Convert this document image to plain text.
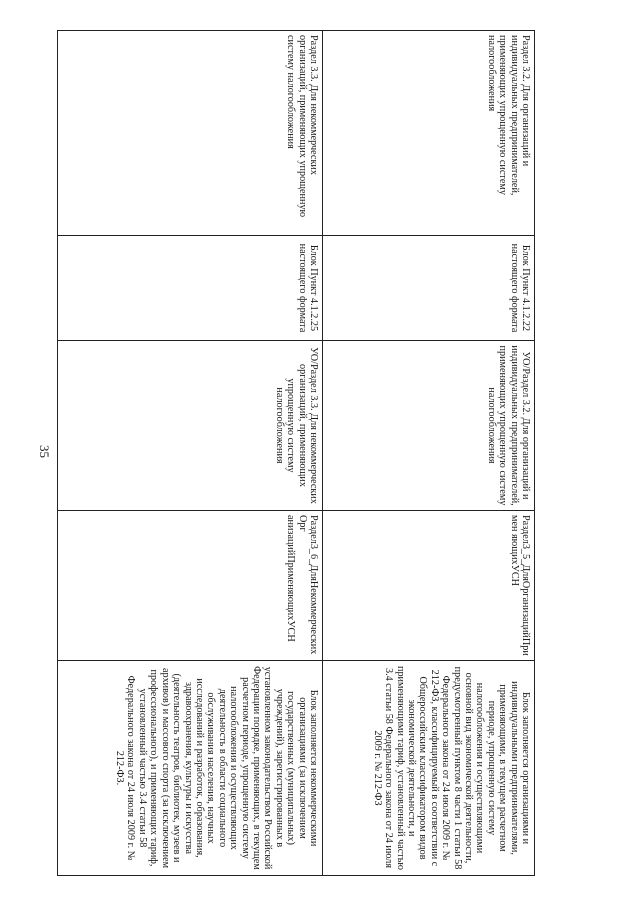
35
Раздел 3.2. Для организаций и индивидуальных предпринимателей, применяющих упрощенную систему налогообложения	Блок Пункт 4.1.2.22 настоящего формата	УО/Раздел 3.2. Для организаций и индивидуальных предпринимателей, применяющих упрощенную систему налогообложения	Раздел3_5_ДляОрганизацийПримен яющихУСН	Блок заполняется организациями и индивидуальными предпринимателями, применяющими, в текущем расчетном периоде, упрощенную систему налогообложения и осуществляющими основной вид экономической деятельности, предусмотренный пунктом 8 части 1 статьи 58 Федерального закона от 24 июля 2009 г. № 212-ФЗ, классифицируемый в соответствии с Общероссийским классификатором видов экономической деятельности, и применяющими тариф, установленный частью 3.4 статьи 58 Федерального закона от 24 июля 2009 г. № 212-ФЗ
Раздел 3.3. Для некоммерческих организаций, применяющих упрощенную систему налогообложения	Блок Пункт 4.1.2.25 настоящего формата	УО/Раздел 3.3. Для некоммерческих организаций, применяющих упрощенную систему налогообложения	Раздел3_6_ДляНекоммерческихОрг анизацийПрименяющихУСН	Блок заполняется некоммерческими организациями (за исключением государственных (муниципальных) учреждений), зарегистрированных в установленном законодательством Российской Федерации порядке, применяющих, в текущем расчетном периоде, упрощенную систему налогообложения и осуществляющих деятельность в области социального обслуживания населения, научных исследований и разработок, образования, здравоохранения, культуры и искусства (деятельность театров, библиотек, музеев и архивов) и массового спорта (за исключением профессионального), и применяющих тариф, установленный частью 3.4 статьи 58 Федерального закона от 24 июля 2009 г. № 212-ФЗ.
